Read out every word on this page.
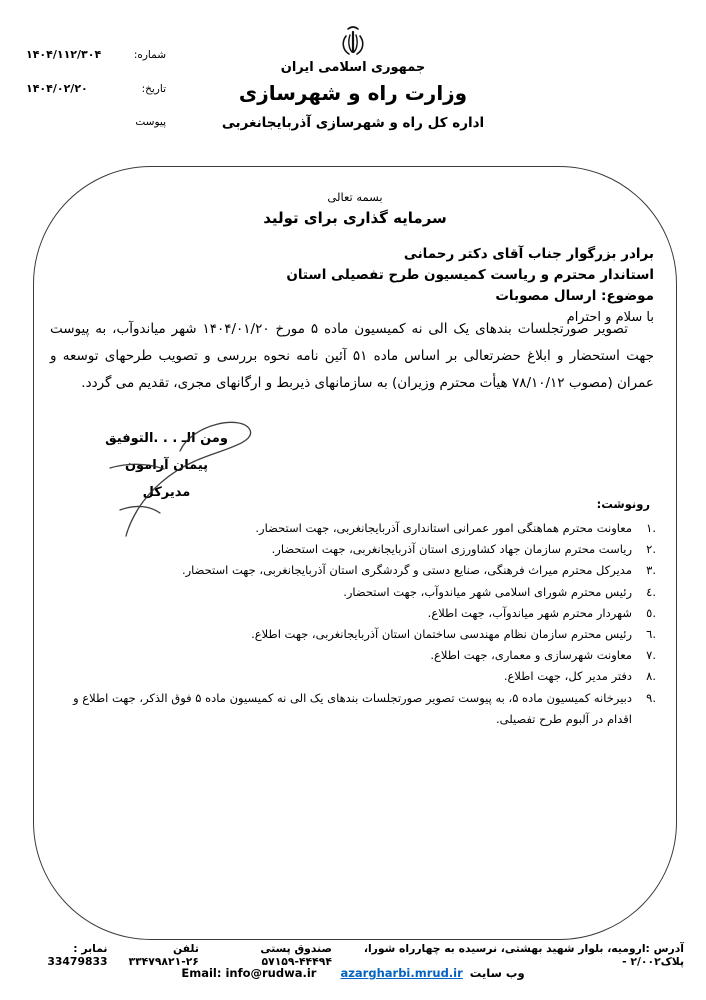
جمهوری اسلامی ایران
وزارت راه و شهرسازی
اداره کل راه و شهرسازی آذربایجانغربی
شماره:
۱۴۰۴/۱۱۲/۳۰۴
تاریخ:
۱۴۰۴/۰۲/۲۰
پیوست
بسمه تعالی
سرمایه گذاری برای تولید
برادر بزرگوار جناب آقای دکتر رحمانی
استاندار محترم و ریاست کمیسیون طرح تفصیلی استان
موضوع: ارسال مصوبات
با سلام و احترام

تصویر صورتجلسات بندهای یک الی نه کمیسیون ماده ۵ مورخ ۱۴۰۴/۰۱/۲۰ شهر میاندوآب، به پیوست جهت استحضار و ابلاغ حضرتعالی بر اساس ماده ۵۱ آئین نامه نحوه بررسی و تصویب طرحهای توسعه و عمران (مصوب ۷۸/۱۰/۱۲ هیأت محترم وزیران) به سازمانهای ذیربط و ارگانهای مجری، تقدیم می گردد.

ومن الـ . . .التوفیق
پیمان آرامون
مدیرکل
رونوشت:
۱.
معاونت محترم هماهنگی امور عمرانی استانداری آذربایجانغربی، جهت استحضار.
۲.
ریاست محترم سازمان جهاد کشاورزی استان آذربایجانغربی، جهت استحضار.
۳.
مدیرکل محترم میراث فرهنگی، صنایع دستی و گردشگری استان آذربایجانغربی، جهت استحضار.
٤.
رئیس محترم شورای اسلامی شهر میاندوآب، جهت استحضار.
٥.
شهردار محترم شهر میاندوآب، جهت اطلاع.
٦.
رئیس محترم سازمان نظام مهندسی ساختمان استان آذربایجانغربی، جهت اطلاع.
۷.
معاونت شهرسازی و معماری، جهت اطلاع.
۸.
دفتر مدیر کل، جهت اطلاع.
۹.
دبیرخانه کمیسیون ماده ۵، به پیوست تصویر صورتجلسات بندهای یک الی نه کمیسیون ماده ۵ فوق الذکر، جهت اطلاع و اقدام در آلبوم طرح تفصیلی.
آدرس :ارومیه، بلوار شهید بهشتی، نرسیده به چهارراه شورا، پلاک۲/۰۰۲ -
صندوق پستی ۴۴۴۹۴-۵۷۱۵۹
تلفن ۲۶-۳۳۴۷۹۸۲۱
نمابر : 33479833
Email: info@rudwa.ir azargharbi.mrud.ir وب سایت
